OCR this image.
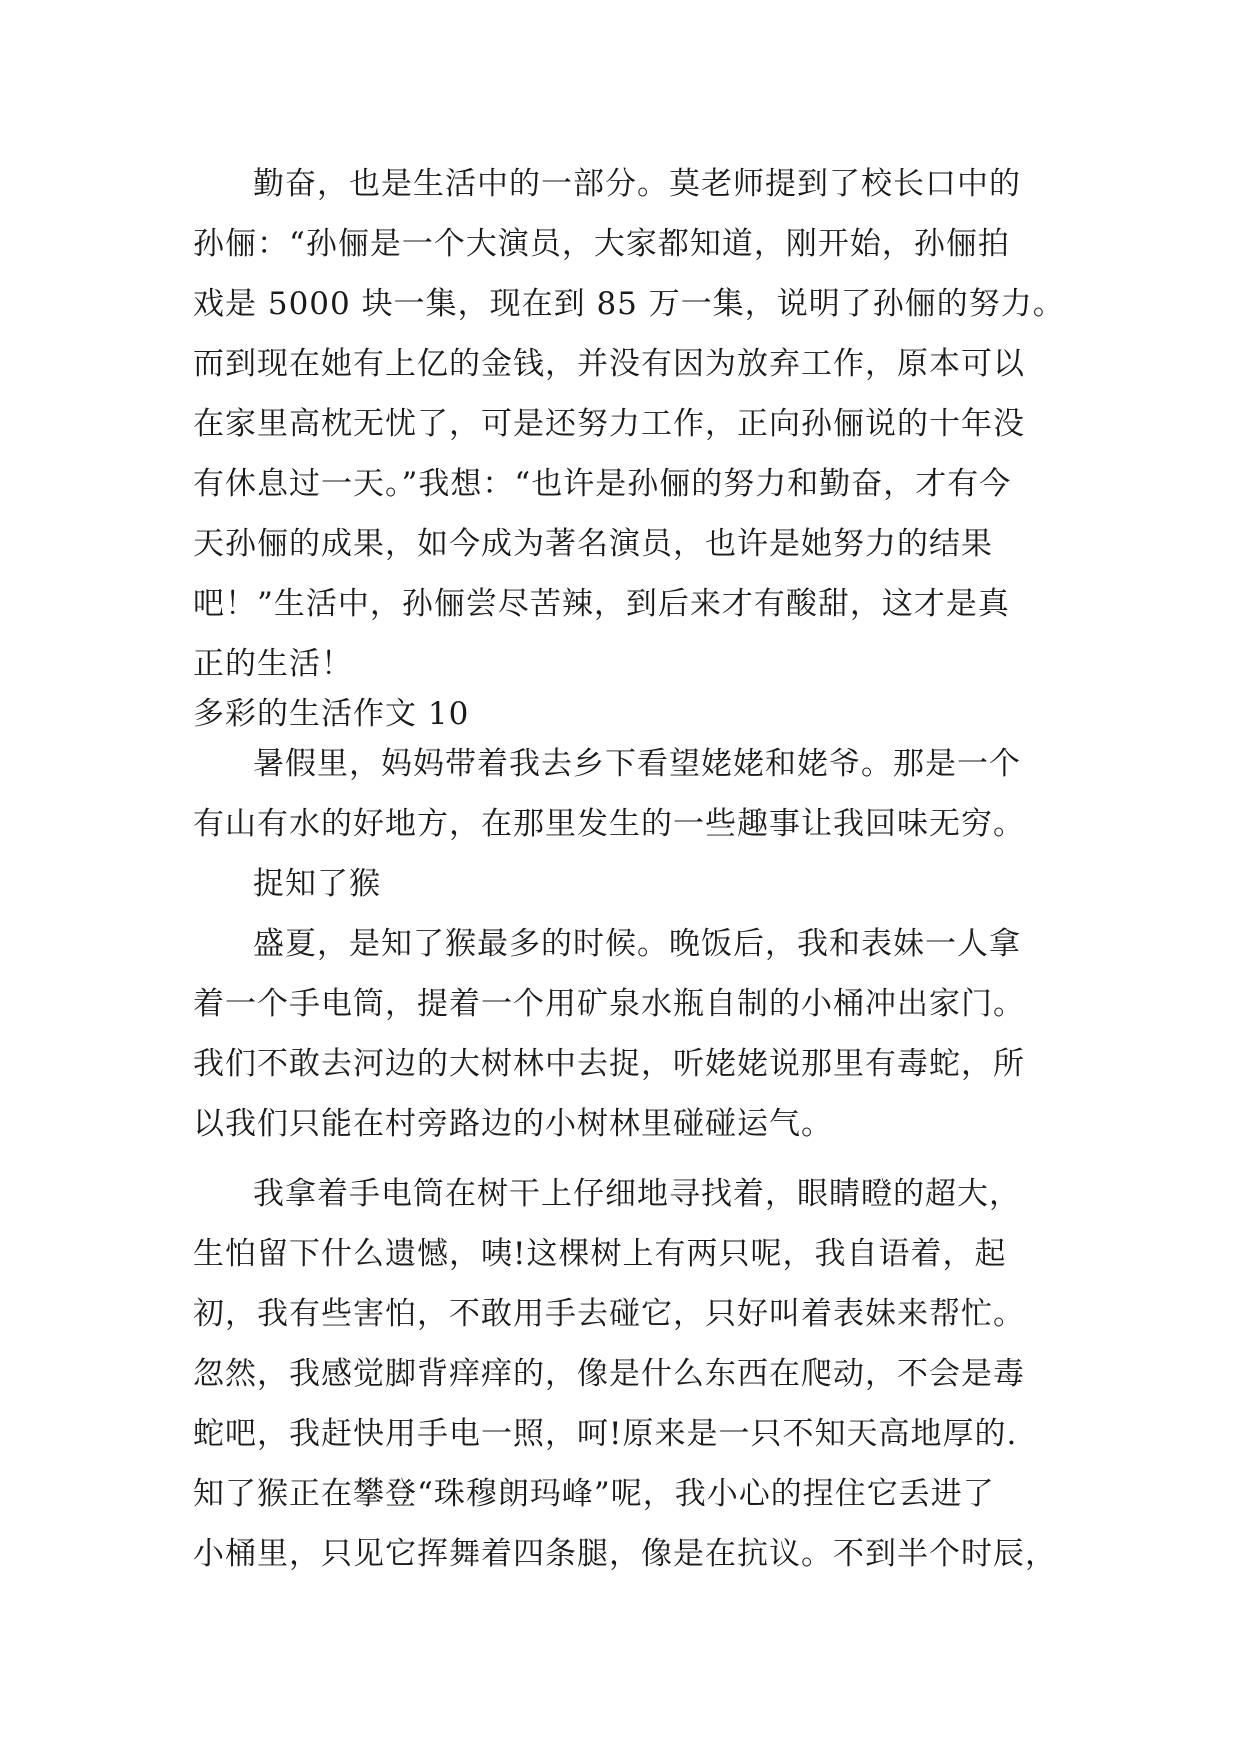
勤奋，也是生活中的一部分。莫老师提到了校长口中的
孙俪：“孙俪是一个大演员，大家都知道，刚开始，孙俪拍
戏是 5000 块一集，现在到 85 万一集，说明了孙俪的努力。
而到现在她有上亿的金钱，并没有因为放弃工作，原本可以
在家里高枕无忧了，可是还努力工作，正向孙俪说的十年没
有休息过一天。”我想：“也许是孙俪的努力和勤奋，才有今
天孙俪的成果，如今成为著名演员，也许是她努力的结果
吧！”生活中，孙俪尝尽苦辣，到后来才有酸甜，这才是真
正的生活！
多彩的生活作文 10
暑假里，妈妈带着我去乡下看望姥姥和姥爷。那是一个
有山有水的好地方，在那里发生的一些趣事让我回味无穷。
捉知了猴
盛夏，是知了猴最多的时候。晚饭后，我和表妹一人拿
着一个手电筒，提着一个用矿泉水瓶自制的小桶冲出家门。
我们不敢去河边的大树林中去捉，听姥姥说那里有毒蛇，所
以我们只能在村旁路边的小树林里碰碰运气。
我拿着手电筒在树干上仔细地寻找着，眼睛瞪的超大，
生怕留下什么遗憾，咦!这棵树上有两只呢，我自语着，起
初，我有些害怕，不敢用手去碰它，只好叫着表妹来帮忙。
忽然，我感觉脚背痒痒的，像是什么东西在爬动，不会是毒
蛇吧，我赶快用手电一照，呵!原来是一只不知天高地厚的.
知了猴正在攀登“珠穆朗玛峰”呢，我小心的捏住它丢进了
小桶里，只见它挥舞着四条腿，像是在抗议。不到半个时辰，
